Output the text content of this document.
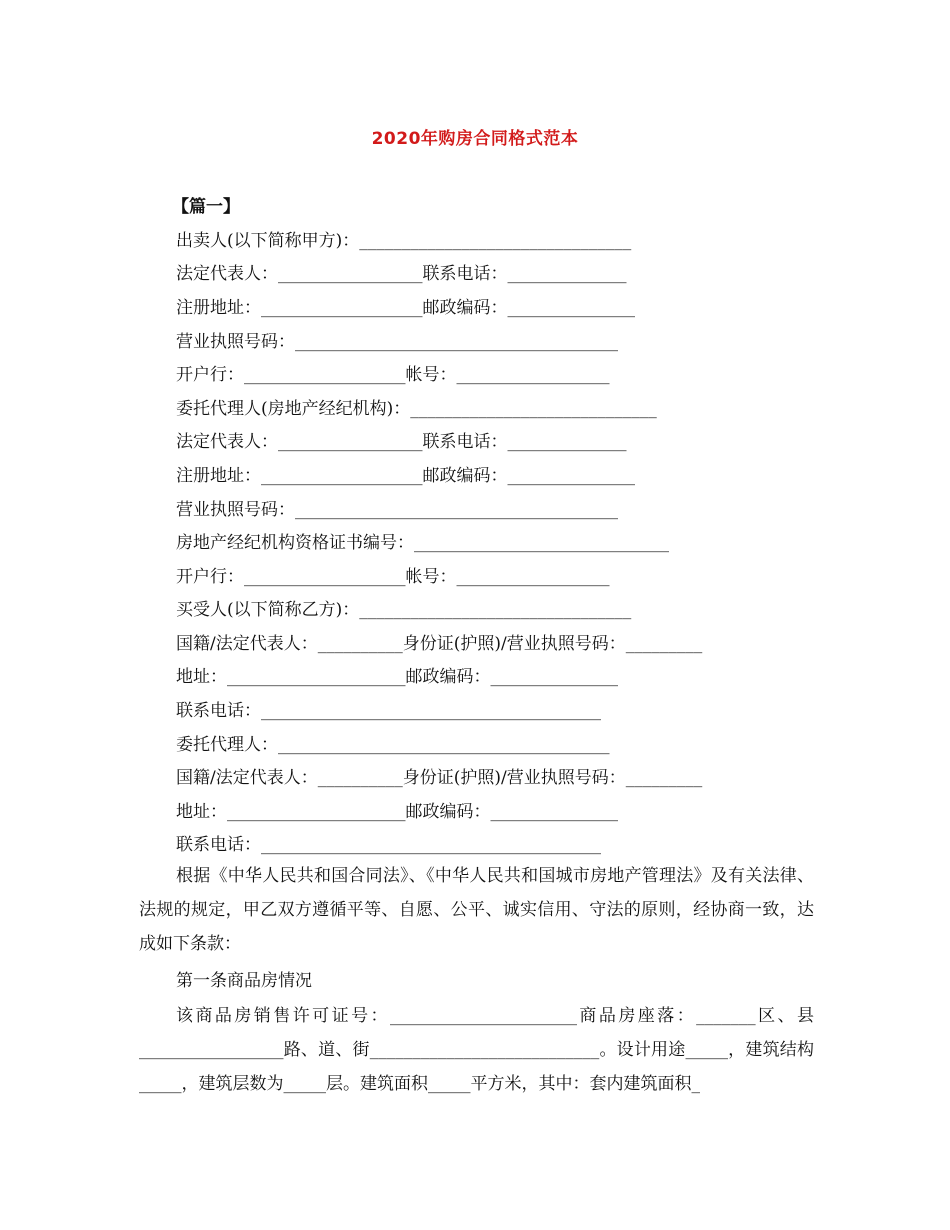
2020年购房合同格式范本
【篇一】
出卖人(以下简称甲方)：________________________________
法定代表人：_________________联系电话：______________
注册地址：___________________邮政编码：_______________
营业执照号码：______________________________________
开户行：___________________帐号：__________________
委托代理人(房地产经纪机构)：_____________________________
法定代表人：_________________联系电话：______________
注册地址：___________________邮政编码：_______________
营业执照号码：______________________________________
房地产经纪机构资格证书编号：______________________________
开户行：___________________帐号：__________________
买受人(以下简称乙方)：________________________________
国籍/法定代表人：__________身份证(护照)/营业执照号码：_________
地址：_____________________邮政编码：_______________
联系电话：________________________________________
委托代理人：_______________________________________
国籍/法定代表人：__________身份证(护照)/营业执照号码：_________
地址：_____________________邮政编码：_______________
联系电话：________________________________________
根据《中华人民共和国合同法》、《中华人民共和国城市房地产管理法》及有关法律、法规的规定，甲乙双方遵循平等、自愿、公平、诚实信用、守法的原则，经协商一致，达成如下条款：
第一条商品房情况
该商品房销售许可证号：______________________商品房座落：_______区、县_________________路、道、街___________________________。设计用途_____，建筑结构_____，建筑层数为_____层。建筑面积_____平方米，其中：套内建筑面积_
